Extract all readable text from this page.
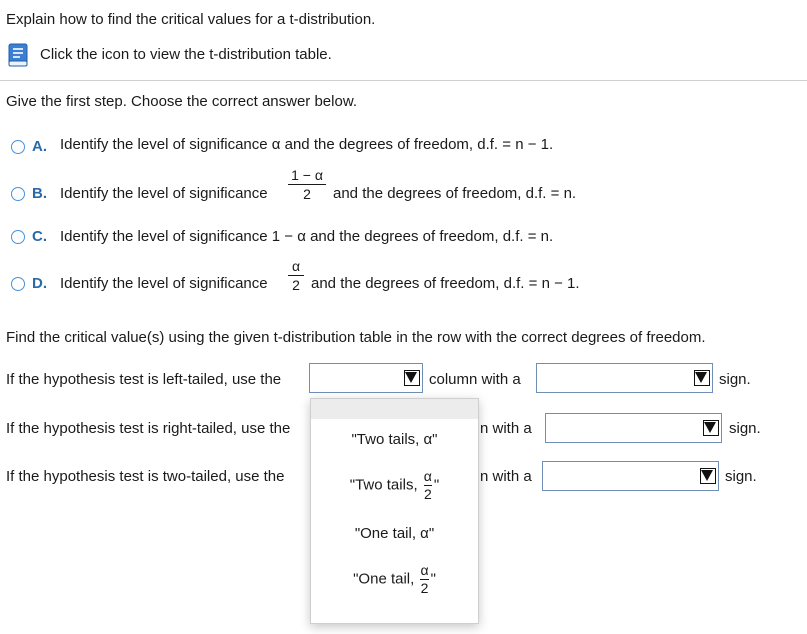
Explain how to find the critical values for a t-distribution.
Click the icon to view the t-distribution table.
Give the first step. Choose the correct answer below.
A. Identify the level of significance α and the degrees of freedom, d.f. = n − 1.
B. Identify the level of significance
1 − α
2	and the degrees of freedom, d.f. = n.
C. Identify the level of significance 1 − α and the degrees of freedom, d.f. = n.
D. Identify the level of significance
α
2 and the degrees of freedom, d.f. = n − 1.
Find the critical value(s) using the given t-distribution table in the row with the correct degrees of freedom.
If the hypothesis test is left-tailed, use the	column with a	sign.
If the hypothesis test is right-tailed, use the	n with a	sign.
If the hypothesis test is two-tailed, use the	n with a	sign.
"Two tails, α"
"Two tails, $\frac{\alpha}{2}$ "
"One tail, α"
"One tail, $\frac{\alpha}{2}$ "
